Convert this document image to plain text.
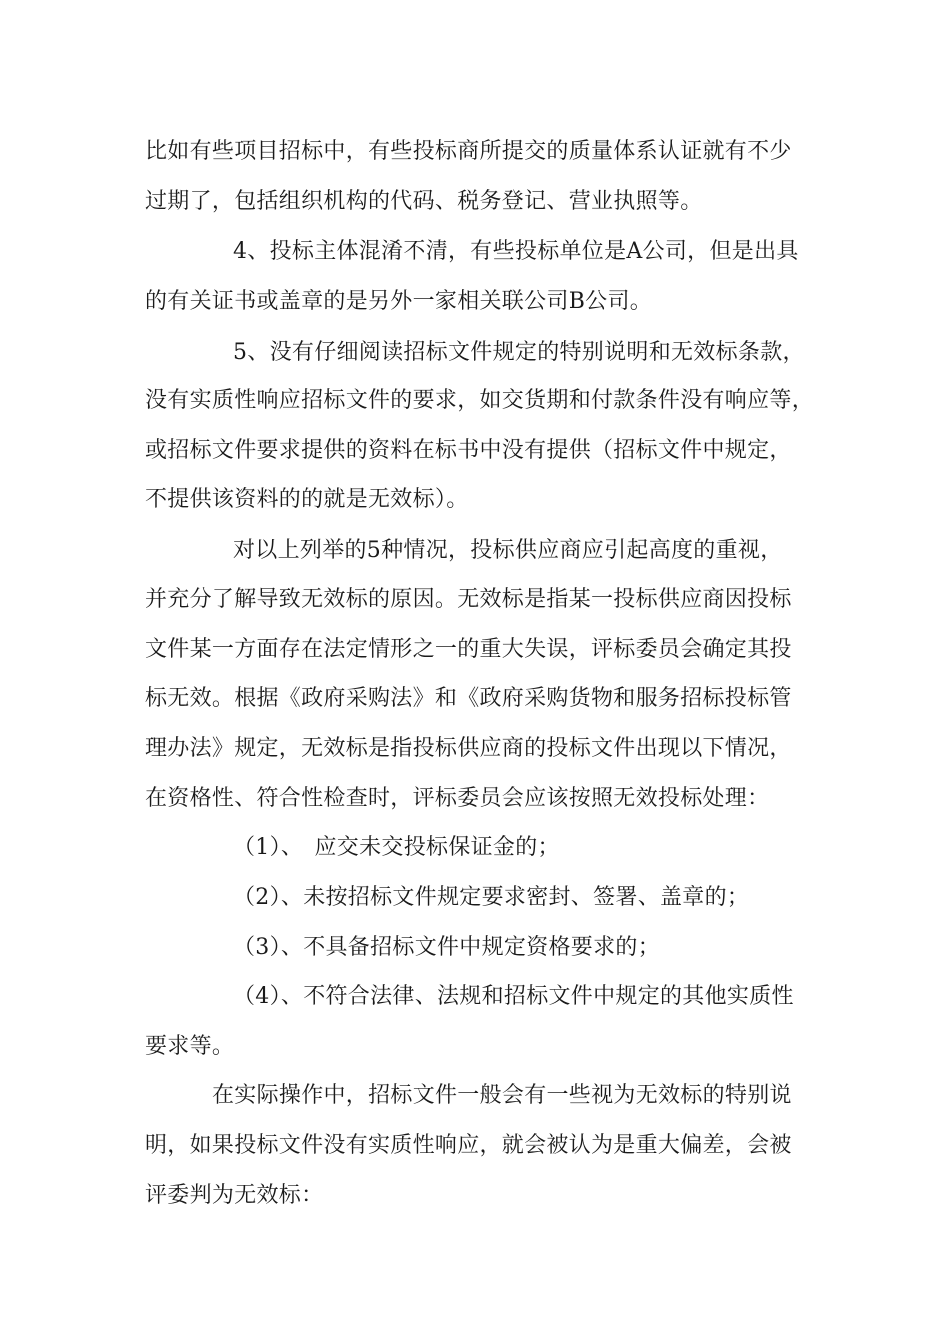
比如有些项目招标中，有些投标商所提交的质量体系认证就有不少

过期了，包括组织机构的代码、税务登记、营业执照等。

4、投标主体混淆不清，有些投标单位是A公司，但是出具

的有关证书或盖章的是另外一家相关联公司B公司。

5、没有仔细阅读招标文件规定的特别说明和无效标条款，

没有实质性响应招标文件的要求，如交货期和付款条件没有响应等，

或招标文件要求提供的资料在标书中没有提供（招标文件中规定，

不提供该资料的的就是无效标）。

对以上列举的5种情况，投标供应商应引起高度的重视，

并充分了解导致无效标的原因。无效标是指某一投标供应商因投标

文件某一方面存在法定情形之一的重大失误，评标委员会确定其投

标无效。根据《政府采购法》和《政府采购货物和服务招标投标管

理办法》规定，无效标是指投标供应商的投标文件出现以下情况，

在资格性、符合性检查时，评标委员会应该按照无效投标处理：

（1）、　应交未交投标保证金的；

（2）、未按招标文件规定要求密封、签署、盖章的；

（3）、不具备招标文件中规定资格要求的；

（4）、不符合法律、法规和招标文件中规定的其他实质性

要求等。

在实际操作中，招标文件一般会有一些视为无效标的特别说

明，如果投标文件没有实质性响应，就会被认为是重大偏差，会被

评委判为无效标：
